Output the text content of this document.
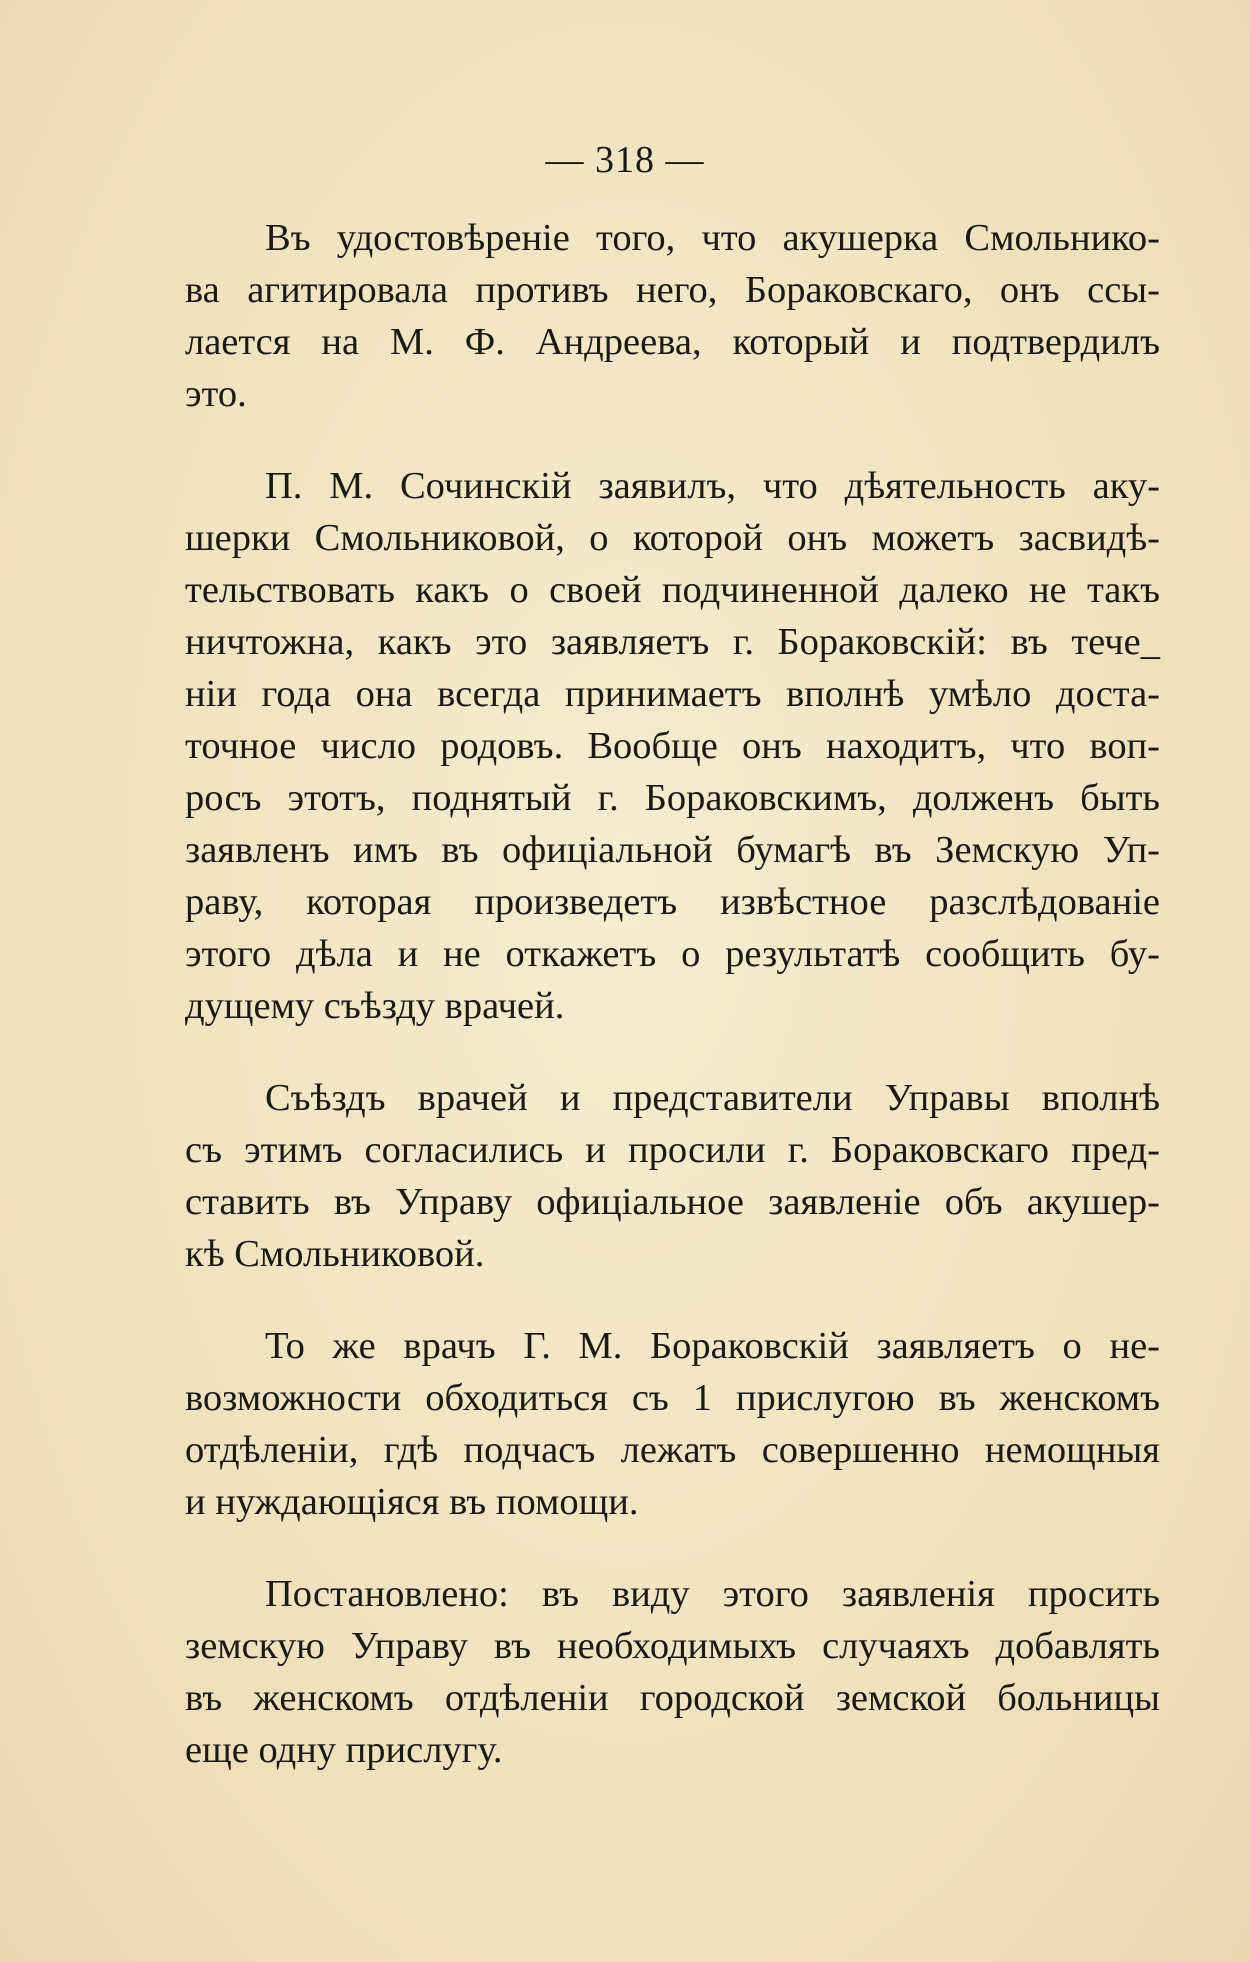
— 318 —

Въ удостовѣреніе того, что акушерка Смольнико-
ва агитировала противъ него, Бораковскаго, онъ ссы-
лается на М. Ф. Андреева, который и подтвердилъ
это.

П. М. Сочинскій заявилъ, что дѣятельность аку-
шерки Смольниковой, о которой онъ можетъ засвидѣ-
тельствовать какъ о своей подчиненной далеко не такъ
ничтожна, какъ это заявляетъ г. Бораковскій: въ тече_
ніи года она всегда принимаетъ вполнѣ умѣло доста-
точное число родовъ. Вообще онъ находитъ, что воп-
росъ этотъ, поднятый г. Бораковскимъ, долженъ быть
заявленъ имъ въ офиціальной бумагѣ въ Земскую Уп-
раву, которая произведетъ извѣстное разслѣдованіе
этого дѣла и не откажетъ о результатѣ сообщить бу-
дущему съѣзду врачей.

Съѣздъ врачей и представители Управы вполнѣ
съ этимъ согласились и просили г. Бораковскаго пред-
ставить въ Управу офиціальное заявленіе объ акушер-
кѣ Смольниковой.

То же врачъ Г. М. Бораковскій заявляетъ о не-
возможности обходиться съ 1 прислугою въ женскомъ
отдѣленіи, гдѣ подчасъ лежатъ совершенно немощныя
и нуждающіяся въ помощи.

Постановлено: въ виду этого заявленія просить
земскую Управу въ необходимыхъ случаяхъ добавлять
въ женскомъ отдѣленіи городской земской больницы
еще одну прислугу.
